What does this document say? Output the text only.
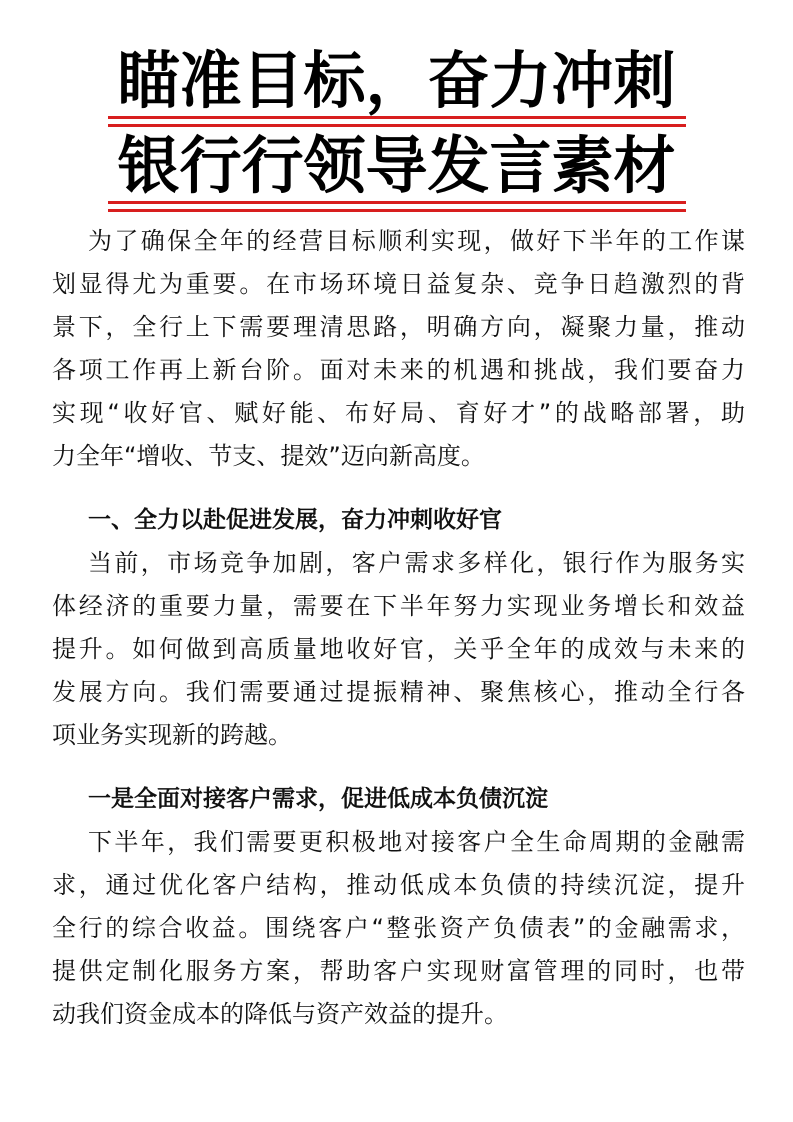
瞄准目标，奋力冲刺
银行行领导发言素材
为了确保全年的经营目标顺利实现，做好下半年的工作谋
划显得尤为重要。在市场环境日益复杂、竞争日趋激烈的背
景下，全行上下需要理清思路，明确方向，凝聚力量，推动
各项工作再上新台阶。面对未来的机遇和挑战，我们要奋力
实现“收好官、赋好能、布好局、育好才”的战略部署，助
力全年“增收、节支、提效”迈向新高度。
一、全力以赴促进发展，奋力冲刺收好官
当前，市场竞争加剧，客户需求多样化，银行作为服务实
体经济的重要力量，需要在下半年努力实现业务增长和效益
提升。如何做到高质量地收好官，关乎全年的成效与未来的
发展方向。我们需要通过提振精神、聚焦核心，推动全行各
项业务实现新的跨越。
一是全面对接客户需求，促进低成本负债沉淀
下半年，我们需要更积极地对接客户全生命周期的金融需
求，通过优化客户结构，推动低成本负债的持续沉淀，提升
全行的综合收益。围绕客户“整张资产负债表”的金融需求，
提供定制化服务方案，帮助客户实现财富管理的同时，也带
动我们资金成本的降低与资产效益的提升。
